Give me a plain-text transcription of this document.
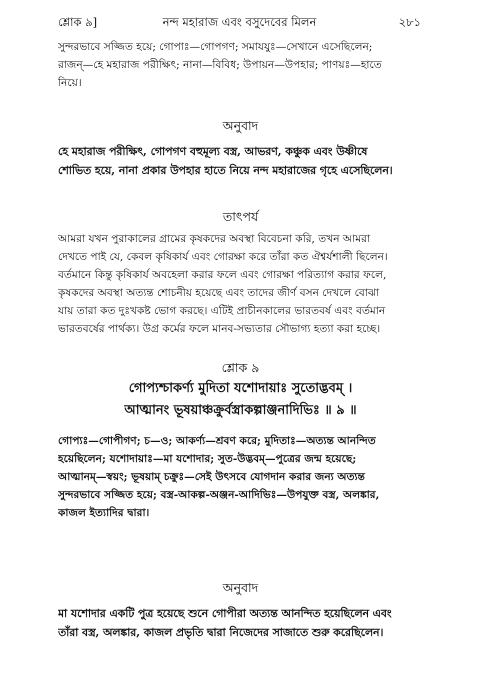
শ্লোক ৯]	নন্দ মহারাজ এবং বসুদেবের মিলন	২৮১
সুন্দরভাবে সজ্জিত হয়ে; গোপাঃ—গোপগণ; সমাযযুঃ—সেখানে এসেছিলেন;
রাজন্—হে মহারাজ পরীক্ষিৎ; নানা—বিবিধ; উপায়ন—উপহার; পাণয়ঃ—হাতে
নিয়ে।
অনুবাদ
হে মহারাজ পরীক্ষিৎ, গোপগণ বহুমূল্য বস্ত্র, আভরণ, কঞ্চুক এবং উষ্ণীষে
শোভিত হয়ে, নানা প্রকার উপহার হাতে নিয়ে নন্দ মহারাজের গৃহে এসেছিলেন।
তাৎপর্য
আমরা যখন পুরাকালের গ্রামের কৃষকদের অবস্থা বিবেচনা করি, তখন আমরা
দেখতে পাই যে, কেবল কৃষিকার্য এবং গোরক্ষা করে তাঁরা কত ঐশ্বর্যশালী ছিলেন।
বর্তমানে কিন্তু কৃষিকার্য অবহেলা করার ফলে এবং গোরক্ষা পরিত্যাগ করার ফলে,
কৃষকদের অবস্থা অত্যন্ত শোচনীয় হয়েছে এবং তাদের জীর্ণ বসন দেখলে বোঝা
যায় তারা কত দুঃখকষ্ট ভোগ করছে। এটিই প্রাচীনকালের ভারতবর্ষ এবং বর্তমান
ভারতবর্ষের পার্থক্য। উগ্র কর্মের ফলে মানব-সভ্যতার সৌভাগ্য হত্যা করা হচ্ছে।
শ্লোক ৯
গোপ্যশ্চাকর্ণ্য মুদিতা যশোদায়াঃ সুতোদ্ভবম্ ।
আত্মানং ভূষয়াঞ্চক্রুর্বস্ত্রাকল্পাঞ্জনাদিভিঃ ॥ ৯ ॥
গোপ্যঃ—গোপীগণ; চ—ও; আকর্ণ্য—শ্রবণ করে; মুদিতাঃ—অত্যন্ত আনন্দিত
হয়েছিলেন; যশোদায়াঃ—মা যশোদার; সুত-উদ্ভবম্—পুত্রের জন্ম হয়েছে;
আত্মানম্—স্বয়ং; ভূষয়াম্ চক্রুঃ—সেই উৎসবে যোগদান করার জন্য অত্যন্ত
সুন্দরভাবে সজ্জিত হয়ে; বস্ত্র-আকল্প-অঞ্জন-আদিভিঃ—উপযুক্ত বস্ত্র, অলঙ্কার,
কাজল ইত্যাদির দ্বারা।
অনুবাদ
মা যশোদার একটি পুত্র হয়েছে শুনে গোপীরা অত্যন্ত আনন্দিত হয়েছিলেন এবং
তাঁরা বস্ত্র, অলঙ্কার, কাজল প্রভৃতি দ্বারা নিজেদের সাজাতে শুরু করেছিলেন।
